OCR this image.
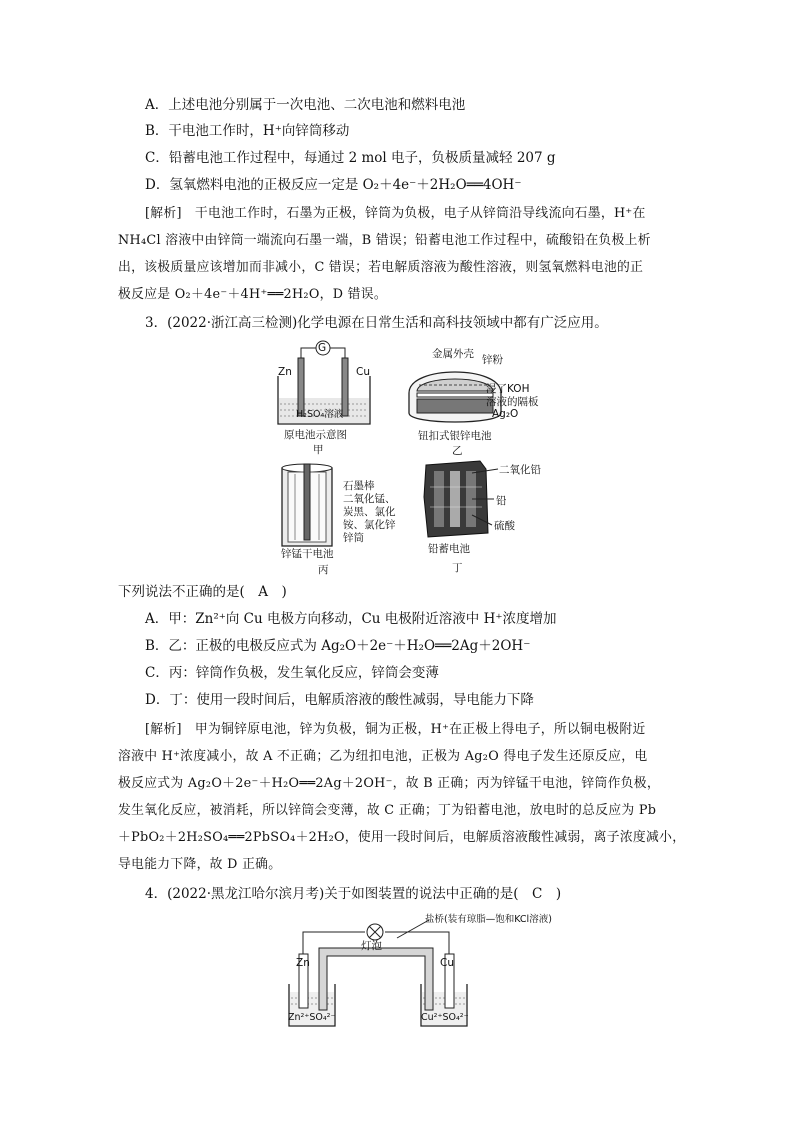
A．上述电池分别属于一次电池、二次电池和燃料电池
B．干电池工作时，H⁺向锌筒移动
C．铅蓄电池工作过程中，每通过 2 mol 电子，负极质量减轻 207 g
D．氢氧燃料电池的正极反应一定是 O₂＋4e⁻＋2H₂O══4OH⁻
[解析]　干电池工作时，石墨为正极，锌筒为负极，电子从锌筒沿导线流向石墨，H⁺在
NH₄Cl 溶液中由锌筒一端流向石墨一端，B 错误；铅蓄电池工作过程中，硫酸铅在负极上析
出，该极质量应该增加而非减小，C 错误；若电解质溶液为酸性溶液，则氢氧燃料电池的正
极反应是 O₂＋4e⁻＋4H⁺══2H₂O，D 错误。
3．(2022·浙江高三检测)化学电源在日常生活和高科技领域中都有广泛应用。
G
Zn	Cu
H₂SO₄溶液
原电池示意图
甲
金属外壳 锌粉
浸了KOH
溶液的隔板
Ag₂O
钮扣式银锌电池
乙
石墨棒
二氧化锰、
炭黑、氯化
铵、氯化锌
锌筒
锌锰干电池
丙
二氧化铅
铅
硫酸
铅蓄电池
丁
下列说法不正确的是(　A　)
A．甲：Zn²⁺向 Cu 电极方向移动，Cu 电极附近溶液中 H⁺浓度增加
B．乙：正极的电极反应式为 Ag₂O＋2e⁻＋H₂O══2Ag＋2OH⁻
C．丙：锌筒作负极，发生氧化反应，锌筒会变薄
D．丁：使用一段时间后，电解质溶液的酸性减弱，导电能力下降
[解析]　甲为铜锌原电池，锌为负极，铜为正极，H⁺在正极上得电子，所以铜电极附近
溶液中 H⁺浓度减小，故 A 不正确；乙为纽扣电池，正极为 Ag₂O 得电子发生还原反应，电
极反应式为 Ag₂O＋2e⁻＋H₂O══2Ag＋2OH⁻，故 B 正确；丙为锌锰干电池，锌筒作负极，
发生氧化反应，被消耗，所以锌筒会变薄，故 C 正确；丁为铅蓄电池，放电时的总反应为 Pb
＋PbO₂＋2H₂SO₄══2PbSO₄＋2H₂O，使用一段时间后，电解质溶液酸性减弱，离子浓度减小，
导电能力下降，故 D 正确。
4．(2022·黑龙江哈尔滨月考)关于如图装置的说法中正确的是(　C　)
盐桥(装有琼脂—饱和KCl溶液)
灯泡
Zn	Cu
Zn²⁺SO₄²⁻	Cu²⁺SO₄²⁻
